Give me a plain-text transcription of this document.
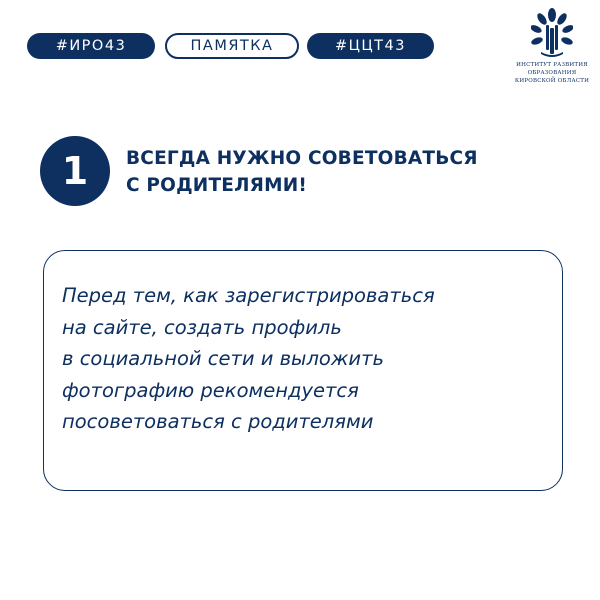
#ИРО43	ПАМЯТКА	#ЦЦТ43
ИНСТИТУТ РАЗВИТИЯ
ОБРАЗОВАНИЯ
КИРОВСКОЙ ОБЛАСТИ
1	ВСЕГДА НУЖНО СОВЕТОВАТЬСЯ
С РОДИТЕЛЯМИ!
Перед тем, как зарегистрироваться
на сайте, создать профиль
в социальной сети и выложить
фотографию рекомендуется
посоветоваться с родителями
